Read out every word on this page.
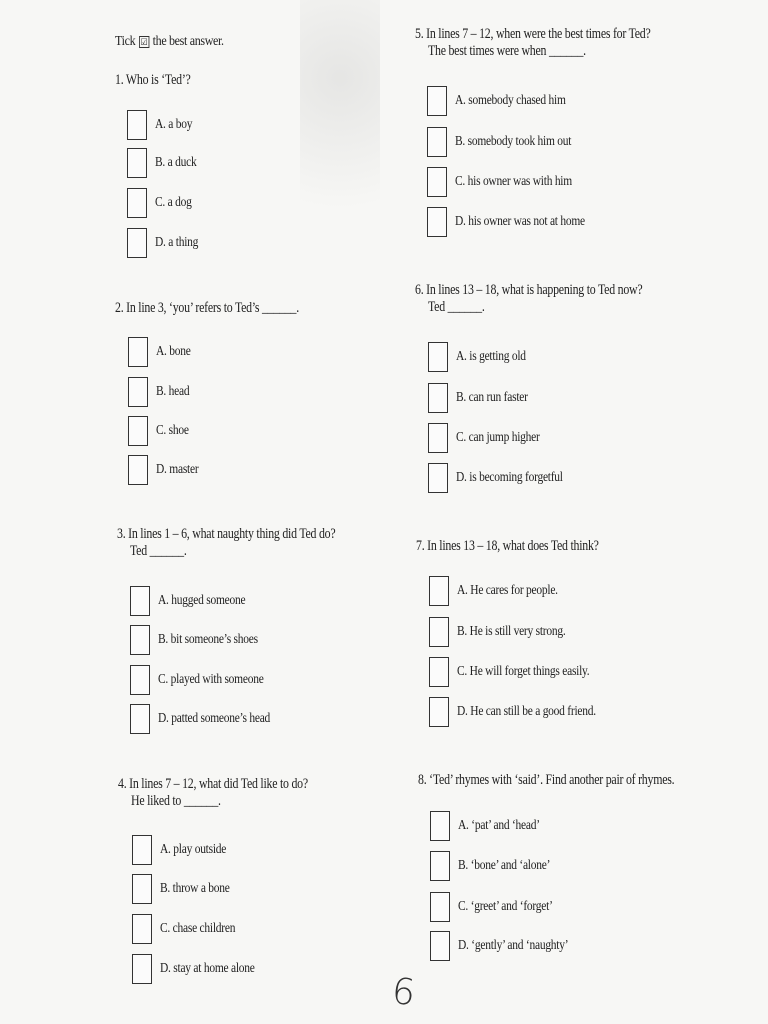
Tick ☑ the best answer.
1. Who is ‘Ted’?
A. a boy
B. a duck
C. a dog
D. a thing
2. In line 3, ‘you’ refers to Ted’s ______.
A. bone
B. head
C. shoe
D. master
3. In lines 1 – 6, what naughty thing did Ted do?
Ted ______.
A. hugged someone
B. bit someone’s shoes
C. played with someone
D. patted someone’s head
4. In lines 7 – 12, what did Ted like to do?
He liked to ______.
A. play outside
B. throw a bone
C. chase children
D. stay at home alone
5. In lines 7 – 12, when were the best times for Ted?
The best times were when ______.
A. somebody chased him
B. somebody took him out
C. his owner was with him
D. his owner was not at home
6. In lines 13 – 18, what is happening to Ted now?
Ted ______.
A. is getting old
B. can run faster
C. can jump higher
D. is becoming forgetful
7. In lines 13 – 18, what does Ted think?
A. He cares for people.
B. He is still very strong.
C. He will forget things easily.
D. He can still be a good friend.
8. ‘Ted’ rhymes with ‘said’. Find another pair of rhymes.
A. ‘pat’ and ‘head’
B. ‘bone’ and ‘alone’
C. ‘greet’ and ‘forget’
D. ‘gently’ and ‘naughty’
6
